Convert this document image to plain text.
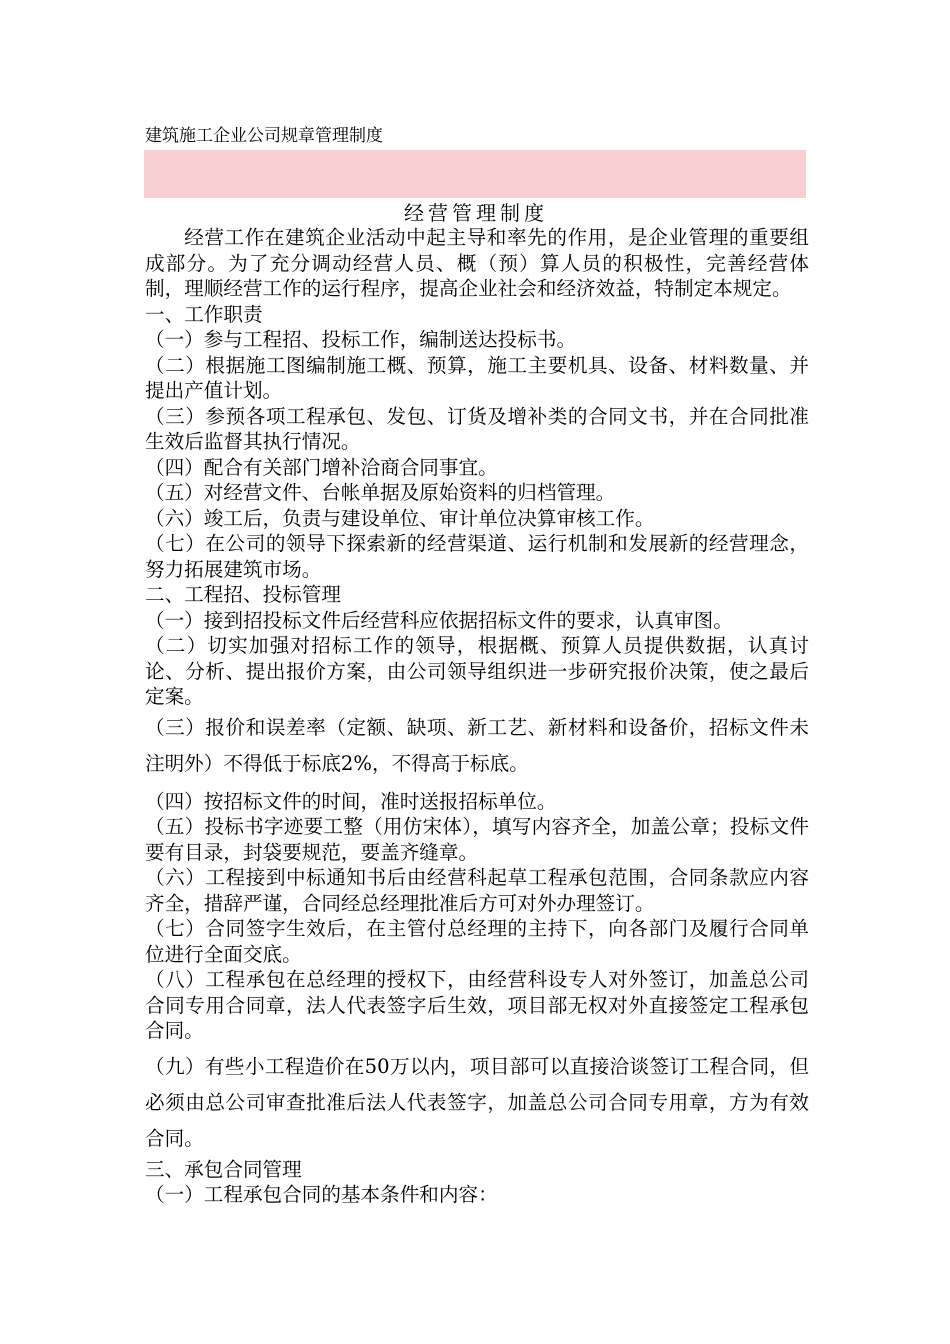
建筑施工企业公司规章管理制度
经营管理制度

经营工作在建筑企业活动中起主导和率先的作用，是企业管理的重要组成部分。为了充分调动经营人员、概（预）算人员的积极性，完善经营体制，理顺经营工作的运行程序，提高企业社会和经济效益，特制定本规定。

一、工作职责

（一）参与工程招、投标工作，编制送达投标书。

（二）根据施工图编制施工概、预算，施工主要机具、设备、材料数量、并提出产值计划。

（三）参预各项工程承包、发包、订货及增补类的合同文书，并在合同批准生效后监督其执行情况。

（四）配合有关部门增补洽商合同事宜。

（五）对经营文件、台帐单据及原始资料的归档管理。

（六）竣工后，负责与建设单位、审计单位决算审核工作。

（七）在公司的领导下探索新的经营渠道、运行机制和发展新的经营理念，努力拓展建筑市场。

二、工程招、投标管理

（一）接到招投标文件后经营科应依据招标文件的要求，认真审图。

（二）切实加强对招标工作的领导，根据概、预算人员提供数据，认真讨论、分析、提出报价方案，由公司领导组织进一步研究报价决策，使之最后定案。

（三）报价和误差率（定额、缺项、新工艺、新材料和设备价，招标文件未注明外）不得低于标底2%，不得高于标底。

（四）按招标文件的时间，准时送报招标单位。

（五）投标书字迹要工整（用仿宋体），填写内容齐全，加盖公章；投标文件要有目录，封袋要规范，要盖齐缝章。

（六）工程接到中标通知书后由经营科起草工程承包范围，合同条款应内容齐全，措辞严谨，合同经总经理批准后方可对外办理签订。

（七）合同签字生效后，在主管付总经理的主持下，向各部门及履行合同单位进行全面交底。

（八）工程承包在总经理的授权下，由经营科设专人对外签订，加盖总公司合同专用合同章，法人代表签字后生效，项目部无权对外直接签定工程承包合同。

（九）有些小工程造价在50万以内，项目部可以直接洽谈签订工程合同，但必须由总公司审查批准后法人代表签字，加盖总公司合同专用章，方为有效合同。

三、承包合同管理

（一）工程承包合同的基本条件和内容：
